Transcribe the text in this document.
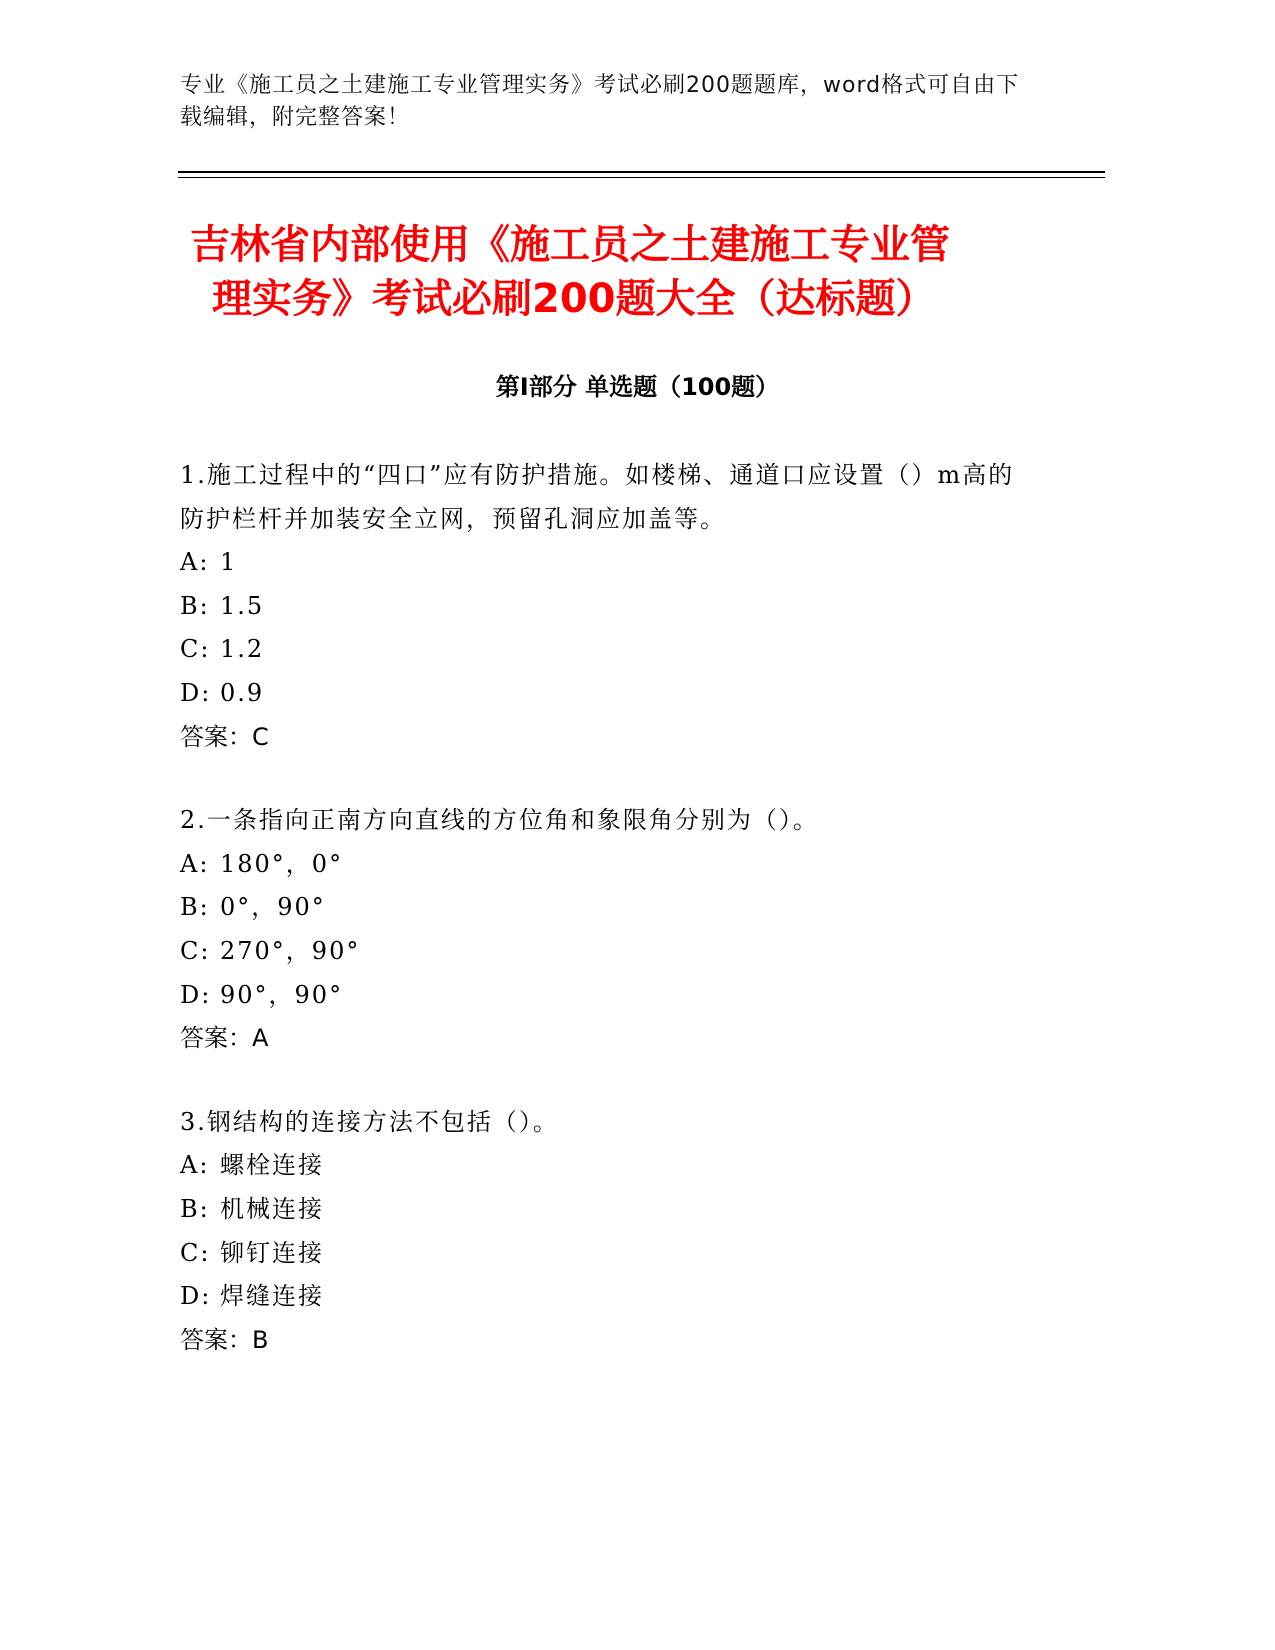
专业《施工员之土建施工专业管理实务》考试必刷200题题库，word格式可自由下载编辑，附完整答案！
吉林省内部使用《施工员之土建施工专业管
理实务》考试必刷200题大全（达标题）
第Ⅰ部分 单选题（100题）
1.施工过程中的“四口”应有防护措施。如楼梯、通道口应设置（）m高的防护栏杆并加装安全立网，预留孔洞应加盖等。
A: 1
B: 1.5
C: 1.2
D: 0.9
答案：C
2.一条指向正南方向直线的方位角和象限角分别为（）。
A: 180°，0°
B: 0°，90°
C: 270°，90°
D: 90°，90°
答案：A
3.钢结构的连接方法不包括（）。
A: 螺栓连接
B: 机械连接
C: 铆钉连接
D: 焊缝连接
答案：B
